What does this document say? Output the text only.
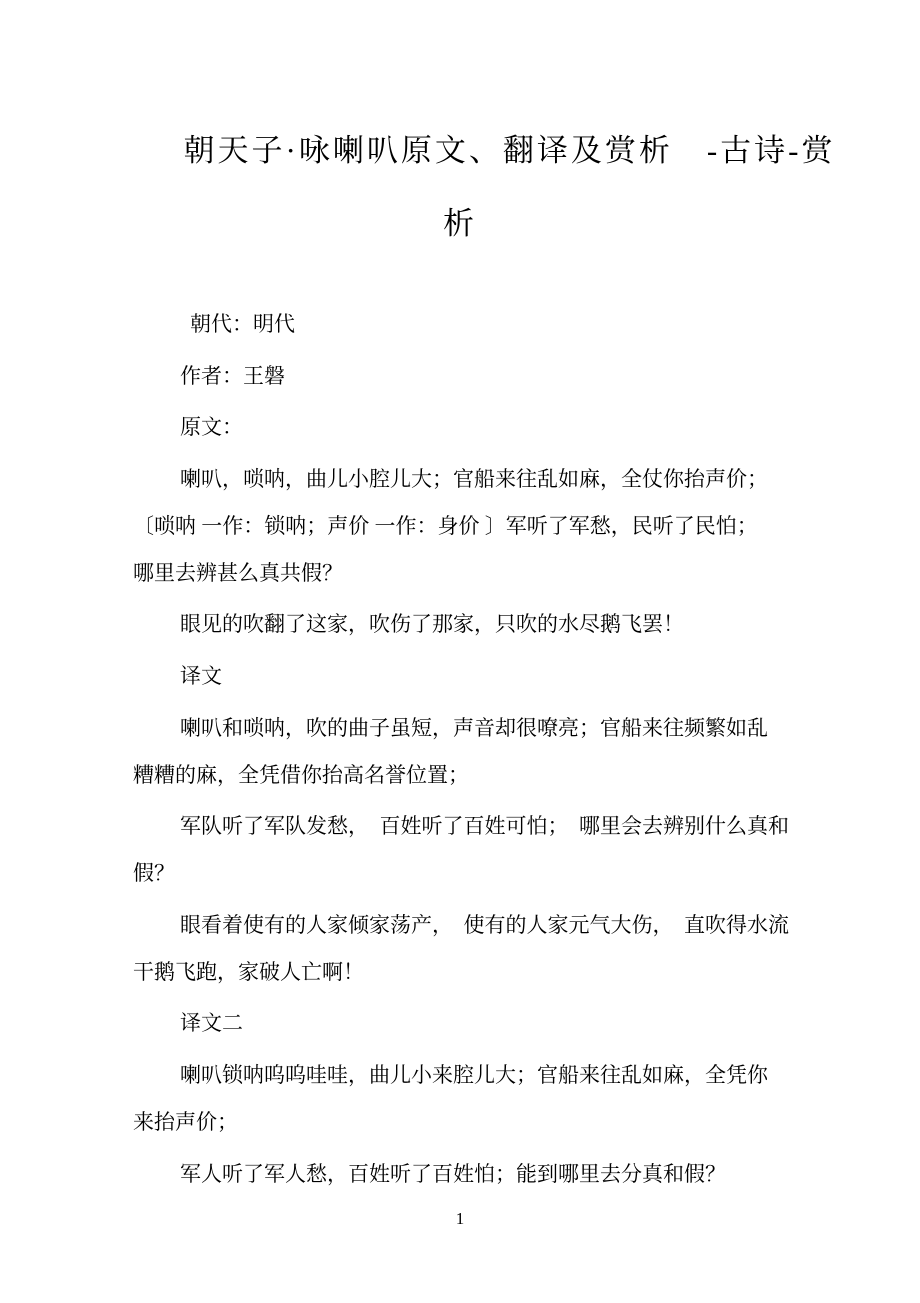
朝天子·咏喇叭原文、翻译及赏析　-古诗-赏
析
朝代：明代
作者：王磐
原文：
喇叭，唢呐，曲儿小腔儿大；官船来往乱如麻，全仗你抬声价；
〔唢呐 一作：锁呐；声价 一作：身价 〕军听了军愁，民听了民怕；
哪里去辨甚么真共假？
眼见的吹翻了这家，吹伤了那家，只吹的水尽鹅飞罢！
译文
喇叭和唢呐，吹的曲子虽短，声音却很嘹亮；官船来往频繁如乱
糟糟的麻，全凭借你抬高名誉位置；
军队听了军队发愁，　百姓听了百姓可怕；　哪里会去辨别什么真和
假？
眼看着使有的人家倾家荡产，　使有的人家元气大伤，　直吹得水流
干鹅飞跑，家破人亡啊！
译文二
喇叭锁呐呜呜哇哇，曲儿小来腔儿大；官船来往乱如麻，全凭你
来抬声价；
军人听了军人愁，百姓听了百姓怕；能到哪里去分真和假？
1
